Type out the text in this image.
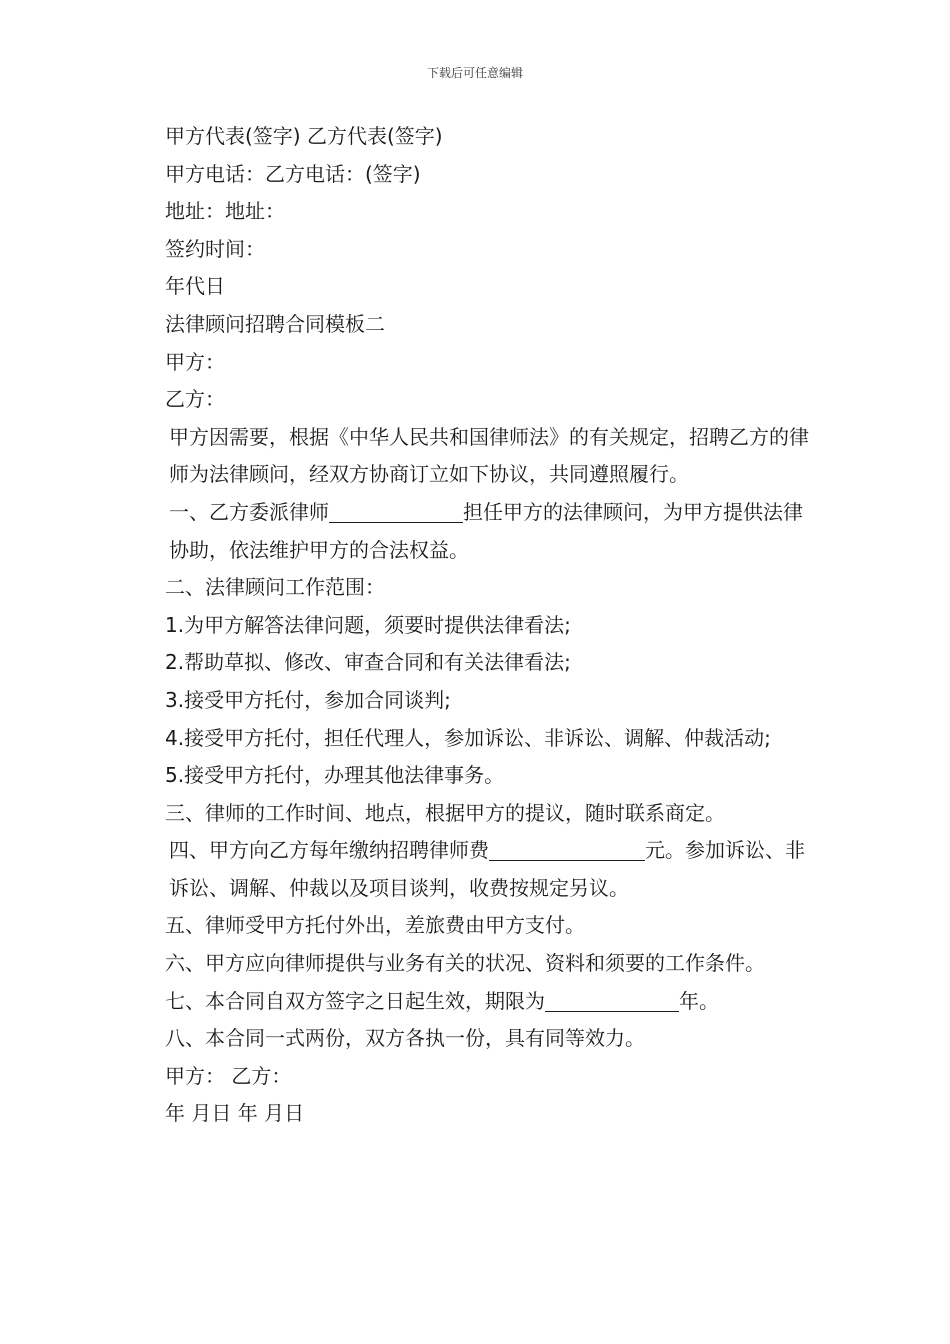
下载后可任意编辑

甲方代表(签字) 乙方代表(签字)

甲方电话：乙方电话：(签字)

地址：地址：

签约时间：

年代日

法律顾问招聘合同模板二

甲方：

乙方：

甲方因需要，根据《中华人民共和国律师法》的有关规定，招聘乙方的律师为法律顾问，经双方协商订立如下协议，共同遵照履行。

一、乙方委派律师	担任甲方的法律顾问，为甲方提供法律协助，依法维护甲方的合法权益。

二、法律顾问工作范围：

1.为甲方解答法律问题，须要时提供法律看法;

2.帮助草拟、修改、审查合同和有关法律看法;

3.接受甲方托付，参加合同谈判;

4.接受甲方托付，担任代理人，参加诉讼、非诉讼、调解、仲裁活动;

5.接受甲方托付，办理其他法律事务。

三、律师的工作时间、地点，根据甲方的提议，随时联系商定。

四、甲方向乙方每年缴纳招聘律师费	元。参加诉讼、非诉讼、调解、仲裁以及项目谈判，收费按规定另议。

五、律师受甲方托付外出，差旅费由甲方支付。

六、甲方应向律师提供与业务有关的状况、资料和须要的工作条件。

七、本合同自双方签字之日起生效，期限为	年。

八、本合同一式两份，双方各执一份，具有同等效力。

甲方： 乙方：

年 月日 年 月日
